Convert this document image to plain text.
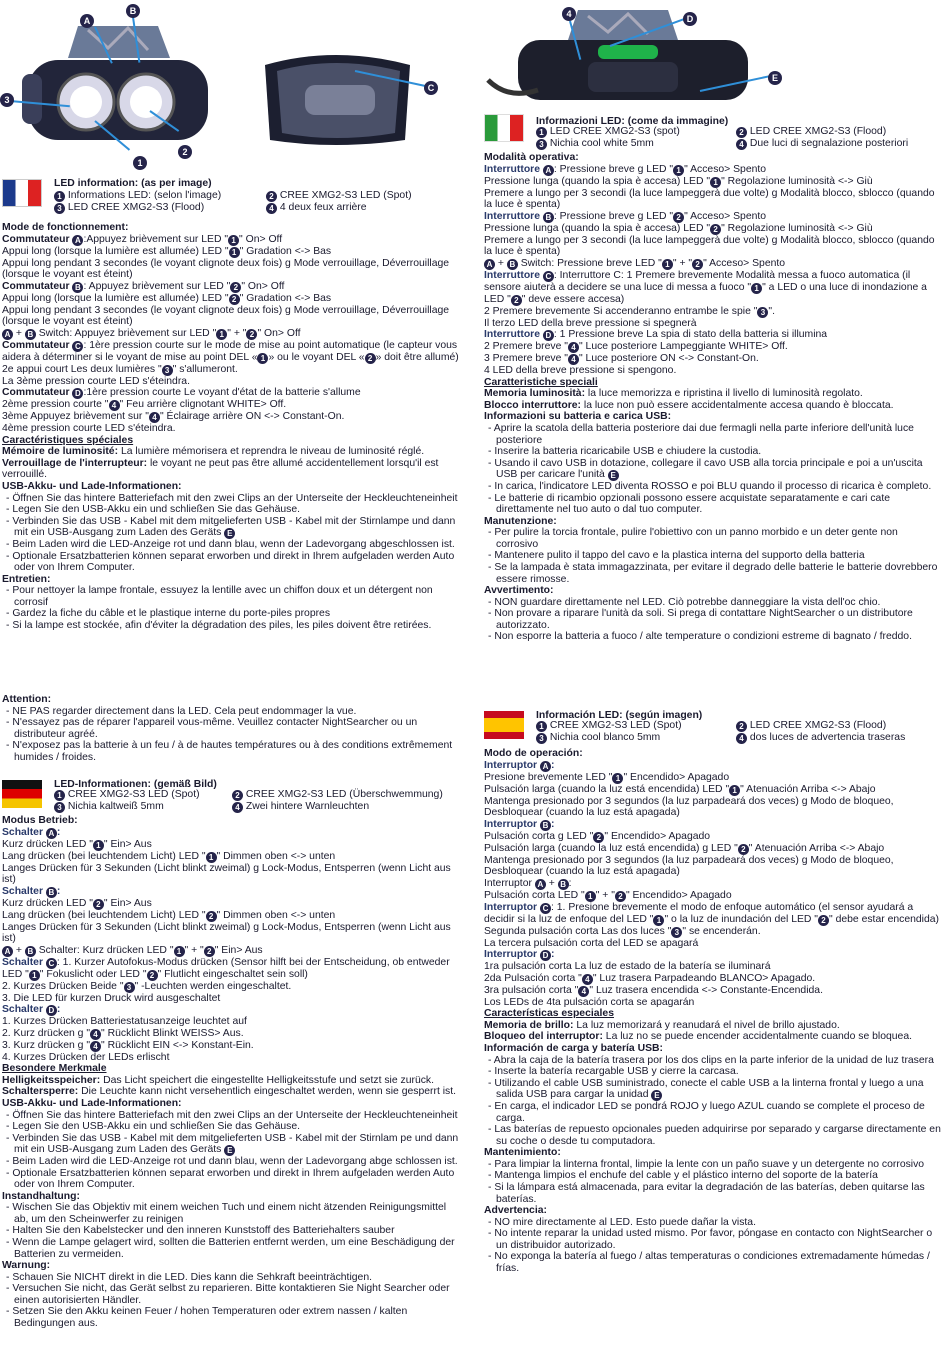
A
B
3
1
2
C
4	D
E
LED information: (as per image)
1 Informations LED: (selon l'image)	2 CREE XMG2-S3 LED (Spot)
3 LED CREE XMG2-S3 (Flood)	4 4 deux feux arrière

Mode de fonctionnement:

Commutateur A :Appuyez brièvement sur LED " 1 " On> Off

Appui long (lorsque la lumière est allumée) LED " 1 " Gradation <-> Bas

Appui long pendant 3 secondes (le voyant clignote deux fois) g Mode verrouillage, Déverrouillage (lorsque le voyant est éteint)

Commutateur B : Appuyez brièvement sur LED " 2 " On> Off

Appui long (lorsque la lumière est allumée) LED " 2 " Gradation <-> Bas

Appui long pendant 3 secondes (le voyant clignote deux fois) g Mode verrouillage, Déverrouillage (lorsque le voyant est éteint)

A + B Switch: Appuyez brièvement sur LED " 1 " + " 2 " On> Off

Commutateur C : 1ère pression courte sur le mode de mise au point automatique (le capteur vous aidera à déterminer si le voyant de mise au point DEL « 1 » ou le voyant DEL « 2 » doit être allumé)

2e appui court Les deux lumières " 3 " s'allumeront.

La 3ème pression courte LED s'éteindra.

Commutateur D :1ère pression courte Le voyant d'état de la batterie s'allume

2ème pression courte " 4 " Feu arrière clignotant WHITE> Off.

3ème Appuyez brièvement sur " 4 " Éclairage arrière ON <-> Constant-On.

4ème pression courte LED s'éteindra.

Caractéristiques spéciales

Mémoire de luminosité: La lumière mémorisera et reprendra le niveau de luminosité réglé.

Verrouillage de l'interrupteur: le voyant ne peut pas être allumé accidentellement lorsqu'il est verrouillé.

USB-Akku- und Lade-Informationen:

- Öffnen Sie das hintere Batteriefach mit den zwei Clips an der Unterseite der Heckleuchteneinheit

- Legen Sie den USB-Akku ein und schließen Sie das Gehäuse.

- Verbinden Sie das USB - Kabel mit dem mitgelieferten USB - Kabel mit der Stirnlampe und dann mit ein USB-Ausgang zum Laden des Geräts E

- Beim Laden wird die LED-Anzeige rot und dann blau, wenn der Ladevorgang abgeschlossen ist.

- Optionale Ersatzbatterien können separat erworben und direkt in Ihrem aufgeladen werden Auto oder von Ihrem Computer.

Entretien:

- Pour nettoyer la lampe frontale, essuyez la lentille avec un chiffon doux et un détergent non corrosif

- Gardez la fiche du câble et le plastique interne du porte-piles propres

- Si la lampe est stockée, afin d'éviter la dégradation des piles, les piles doivent être retirées.

Attention:

- NE PAS regarder directement dans la LED. Cela peut endommager la vue.

- N'essayez pas de réparer l'appareil vous-même. Veuillez contacter NightSearcher ou un distributeur agréé.

- N'exposez pas la batterie à un feu / à de hautes températures ou à des conditions extrêmement humides / froides.

LED-Informationen: (gemäß Bild)
1 CREE XMG2-S3 LED (Spot)	2 CREE XMG2-S3 LED (Überschwemmung)
3 Nichia kaltweiß 5mm	4 Zwei hintere Warnleuchten

Modus Betrieb:

Schalter A :

Kurz drücken LED " 1 " Ein> Aus

Lang drücken (bei leuchtendem Licht) LED " 1 " Dimmen oben <-> unten

Langes Drücken für 3 Sekunden (Licht blinkt zweimal) g Lock-Modus, Entsperren (wenn Licht aus ist)

Schalter B :

Kurz drücken LED " 2 " Ein> Aus

Lang drücken (bei leuchtendem Licht) LED " 2 " Dimmen oben <-> unten

Langes Drücken für 3 Sekunden (Licht blinkt zweimal) g Lock-Modus, Entsperren (wenn Licht aus ist)

A + B Schalter: Kurz drücken LED " 1 " + " 2 " Ein> Aus

Schalter C : 1. Kurzer Autofokus-Modus drücken (Sensor hilft bei der Entscheidung, ob entweder LED " 1 " Fokuslicht oder LED " 2 " Flutlicht eingeschaltet sein soll)

2. Kurzes Drücken Beide " 3 " -Leuchten werden eingeschaltet.

3. Die LED für kurzen Druck wird ausgeschaltet

Schalter D :

1. Kurzes Drücken Batteriestatusanzeige leuchtet auf

2. Kurz drücken g " 4 " Rücklicht Blinkt WEISS> Aus.

3. Kurz drücken g " 4 " Rücklicht EIN <-> Konstant-Ein.

4. Kurzes Drücken der LEDs erlischt

Besondere Merkmale

Helligkeitsspeicher: Das Licht speichert die eingestellte Helligkeitsstufe und setzt sie zurück.

Schaltersperre: Die Leuchte kann nicht versehentlich eingeschaltet werden, wenn sie gesperrt ist.

USB-Akku- und Lade-Informationen:

- Öffnen Sie das hintere Batteriefach mit den zwei Clips an der Unterseite der Heckleuchteneinheit

- Legen Sie den USB-Akku ein und schließen Sie das Gehäuse.

- Verbinden Sie das USB - Kabel mit dem mitgelieferten USB - Kabel mit der Stirnlam pe und dann mit ein USB-Ausgang zum Laden des Geräts E

- Beim Laden wird die LED-Anzeige rot und dann blau, wenn der Ladevorgang abge schlossen ist.

- Optionale Ersatzbatterien können separat erworben und direkt in Ihrem aufgeladen werden Auto oder von Ihrem Computer.

Instandhaltung:

- Wischen Sie das Objektiv mit einem weichen Tuch und einem nicht ätzenden Reinigungsmittel ab, um den Scheinwerfer zu reinigen

- Halten Sie den Kabelstecker und den inneren Kunststoff des Batteriehalters sauber

- Wenn die Lampe gelagert wird, sollten die Batterien entfernt werden, um eine Beschädigung der Batterien zu vermeiden.

Warnung:

- Schauen Sie NICHT direkt in die LED. Dies kann die Sehkraft beeinträchtigen.

- Versuchen Sie nicht, das Gerät selbst zu reparieren. Bitte kontaktieren Sie Night Searcher oder einen autorisierten Händler.

- Setzen Sie den Akku keinen Feuer / hohen Temperaturen oder extrem nassen / kalten Bedingungen aus.

Informazioni LED: (come da immagine)
1 LED CREE XMG2-S3 (spot)	2 LED CREE XMG2-S3 (Flood)
3 Nichia cool white 5mm	4 Due luci di segnalazione posteriori

Modalità operativa:

Interruttore A : Pressione breve g LED " 1 " Acceso> Spento

Pressione lunga (quando la spia è accesa) LED " 1 " Regolazione luminosità <-> Giù

Premere a lungo per 3 secondi (la luce lampeggerà due volte) g Modalità blocco, sblocco (quando la luce è spenta)

Interruttore B : Pressione breve g LED " 2 " Acceso> Spento

Pressione lunga (quando la spia è accesa) LED " 2 " Regolazione luminosità <-> Giù

Premere a lungo per 3 secondi (la luce lampeggerà due volte) g Modalità blocco, sblocco (quando la luce è spenta)

A + B Switch: Pressione breve LED " 1 " + " 2 " Acceso> Spento

Interruttore C : Interruttore C: 1 Premere brevemente Modalità messa a fuoco automatica (il sensore aiuterà a decidere se una luce di messa a fuoco " 1 " a LED o una luce di inondazione a LED " 2 " deve essere accesa)

2 Premere brevemente Si accenderanno entrambe le spie " 3 ".

Il terzo LED della breve pressione si spegnerà

Interruttore D : 1 Pressione breve La spia di stato della batteria si illumina

2 Premere breve " 4 " Luce posteriore Lampeggiante WHITE> Off.

3 Premere breve " 4 " Luce posteriore ON <-> Constant-On.

4 LED della breve pressione si spengono.

Caratteristiche speciali

Memoria luminosità: la luce memorizza e ripristina il livello di luminosità regolato.

Blocco interruttore: la luce non può essere accidentalmente accesa quando è bloccata.

Informazioni su batteria e carica USB:

- Aprire la scatola della batteria posteriore dai due fermagli nella parte inferiore dell'unità luce posteriore

- Inserire la batteria ricaricabile USB e chiudere la custodia.

- Usando il cavo USB in dotazione, collegare il cavo USB alla torcia principale e poi a un'uscita USB per caricare l'unità E

- In carica, l'indicatore LED diventa ROSSO e poi BLU quando il processo di ricarica è completo.

- Le batterie di ricambio opzionali possono essere acquistate separatamente e cari cate direttamente nel tuo auto o dal tuo computer.

Manutenzione:

- Per pulire la torcia frontale, pulire l'obiettivo con un panno morbido e un deter gente non corrosivo

- Mantenere pulito il tappo del cavo e la plastica interna del supporto della batteria

- Se la lampada è stata immagazzinata, per evitare il degrado delle batterie le batterie dovrebbero essere rimosse.

Avvertimento:

- NON guardare direttamente nel LED. Ciò potrebbe danneggiare la vista dell'oc chio.

- Non provare a riparare l'unità da soli. Si prega di contattare NightSearcher o un distributore autorizzato.

- Non esporre la batteria a fuoco / alte temperature o condizioni estreme di bagnato / freddo.

Información LED: (según imagen)
1 CREE XMG2-S3 LED (Spot)	2 LED CREE XMG2-S3 (Flood)
3 Nichia cool blanco 5mm	4 dos luces de advertencia traseras

Modo de operación:

Interruptor A :

Presione brevemente LED " 1 " Encendido> Apagado

Pulsación larga (cuando la luz está encendida) LED " 1 " Atenuación Arriba <-> Abajo

Mantenga presionado por 3 segundos (la luz parpadeará dos veces) g Modo de bloqueo, Desbloquear (cuando la luz está apagada)

Interruptor B :

Pulsación corta g LED " 2 " Encendido> Apagado

Pulsación larga (cuando la luz está encendida) g LED " 2 " Atenuación Arriba <-> Abajo

Mantenga presionado por 3 segundos (la luz parpadeará dos veces) g Modo de bloqueo, Desbloquear (cuando la luz está apagada)

Interruptor A + B :

Pulsación corta LED " 1 " + " 2 " Encendido> Apagado

Interruptor C : 1. Presione brevemente el modo de enfoque automático (el sensor ayudará a decidir si la luz de enfoque del LED " 1 " o la luz de inundación del LED " 2 " debe estar encendida)

Segunda pulsación corta Las dos luces " 3 " se encenderán.

La tercera pulsación corta del LED se apagará

Interruptor D :

1ra pulsación corta La luz de estado de la batería se iluminará

2da Pulsación corta " 4 " Luz trasera Parpadeando BLANCO> Apagado.

3ra pulsación corta " 4 " Luz trasera encendida <-> Constante-Encendida.

Los LEDs de 4ta pulsación corta se apagarán

Características especiales

Memoria de brillo: La luz memorizará y reanudará el nivel de brillo ajustado.

Bloqueo del interruptor: La luz no se puede encender accidentalmente cuando se bloquea.

Información de carga y batería USB:

- Abra la caja de la batería trasera por los dos clips en la parte inferior de la unidad de luz trasera

- Inserte la batería recargable USB y cierre la carcasa.

- Utilizando el cable USB suministrado, conecte el cable USB a la linterna frontal y luego a una salida USB para cargar la unidad E

- En carga, el indicador LED se pondrá ROJO y luego AZUL cuando se complete el proceso de carga.

- Las baterías de repuesto opcionales pueden adquirirse por separado y cargarse directamente en su coche o desde tu computadora.

Mantenimiento:

- Para limpiar la linterna frontal, limpie la lente con un paño suave y un detergente no corrosivo

- Mantenga limpios el enchufe del cable y el plástico interno del soporte de la batería

- Si la lámpara está almacenada, para evitar la degradación de las baterías, deben quitarse las baterías.

Advertencia:

- NO mire directamente al LED. Esto puede dañar la vista.

- No intente reparar la unidad usted mismo. Por favor, póngase en contacto con NightSearcher o un distribuidor autorizado.

- No exponga la batería al fuego / altas temperaturas o condiciones extremadamente húmedas / frías.
